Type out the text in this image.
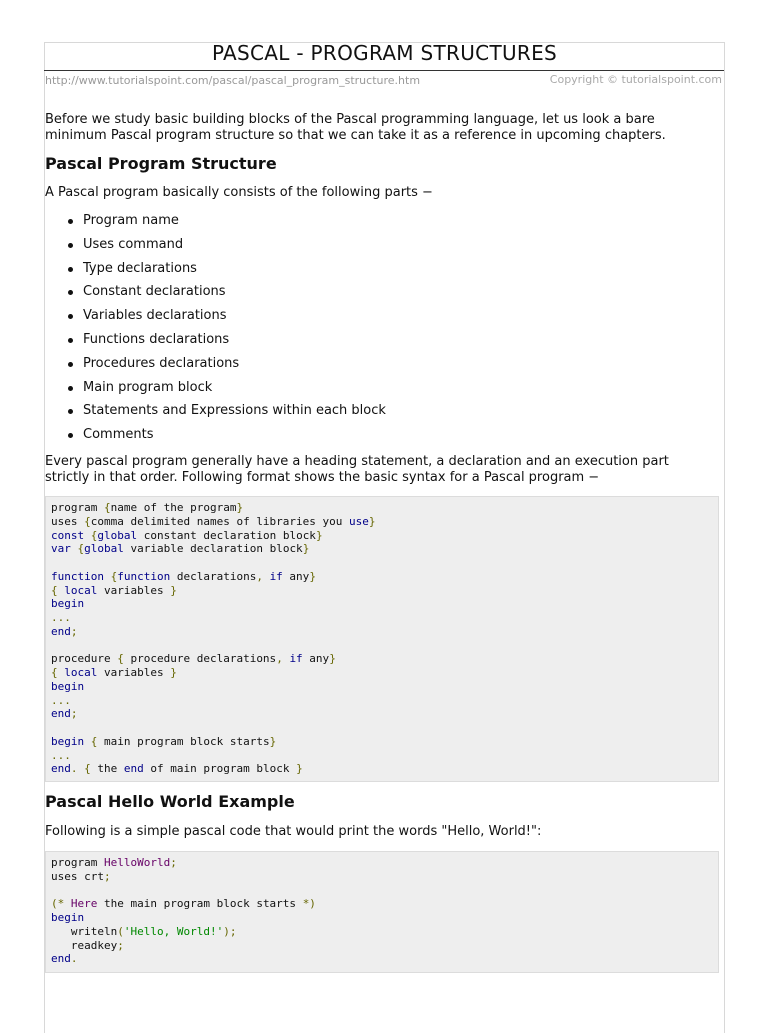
PASCAL - PROGRAM STRUCTURES
http://www.tutorialspoint.com/pascal/pascal_program_structure.htm	Copyright © tutorialspoint.com
Before we study basic building blocks of the Pascal programming language, let us look a bare minimum Pascal program structure so that we can take it as a reference in upcoming chapters.
Pascal Program Structure
A Pascal program basically consists of the following parts −
Program name
Uses command
Type declarations
Constant declarations
Variables declarations
Functions declarations
Procedures declarations
Main program block
Statements and Expressions within each block
Comments
Every pascal program generally have a heading statement, a declaration and an execution part strictly in that order. Following format shows the basic syntax for a Pascal program −
program {name of the program}
uses {comma delimited names of libraries you use}
const {global constant declaration block}
var {global variable declaration block}

function {function declarations, if any}
{ local variables }
begin
...
end;

procedure { procedure declarations, if any}
{ local variables }
begin
...
end;

begin { main program block starts}
...
end. { the end of main program block }
Pascal Hello World Example
Following is a simple pascal code that would print the words "Hello, World!":
program HelloWorld;
uses crt;

(* Here the main program block starts *)
begin
writeln('Hello, World!');
readkey;
end.
